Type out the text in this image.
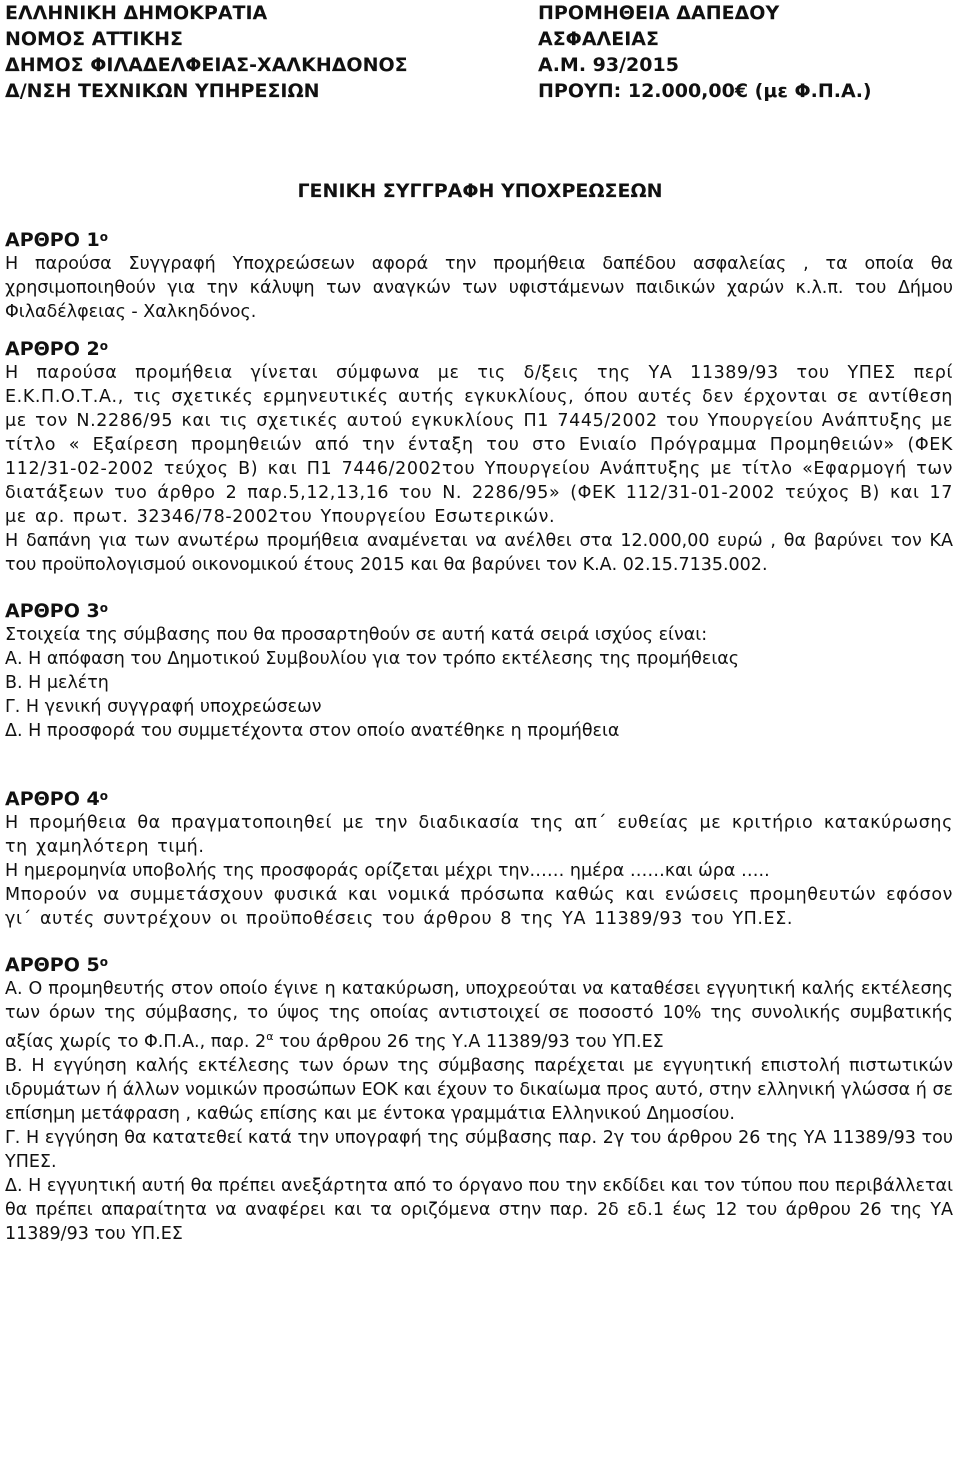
ΕΛΛΗΝΙΚΗ ΔΗΜΟΚΡΑΤΙΑ
ΝΟΜΟΣ ΑΤΤΙΚΗΣ
ΔΗΜΟΣ ΦΙΛΑΔΕΛΦΕΙΑΣ-ΧΑΛΚΗΔΟΝΟΣ
Δ/ΝΣΗ ΤΕΧΝΙΚΩΝ ΥΠΗΡΕΣΙΩΝ
ΠΡΟΜΗΘΕΙΑ ΔΑΠΕΔΟΥ
ΑΣΦΑΛΕΙΑΣ
Α.Μ. 93/2015
ΠΡΟΥΠ: 12.000,00€ (με Φ.Π.Α.)
ΓΕΝΙΚΗ ΣΥΓΓΡΑΦΗ ΥΠΟΧΡΕΩΣΕΩΝ
ΑΡΘΡΟ $1^o$

Η παρούσα Συγγραφή Υποχρεώσεων αφορά την προμήθεια δαπέδου ασφαλείας , τα οποία θα χρησιμοποιηθούν για την κάλυψη των αναγκών των υφιστάμενων παιδικών χαρών κ.λ.π. του Δήμου Φιλαδέλφειας - Χαλκηδόνος.

ΑΡΘΡΟ $2^o$

Η παρούσα προμήθεια γίνεται σύμφωνα με τις δ/ξεις της ΥΑ 11389/93 του ΥΠΕΣ περί Ε.Κ.Π.Ο.Τ.Α., τις σχετικές ερμηνευτικές αυτής εγκυκλίους, όπου αυτές δεν έρχονται σε αντίθεση με τον Ν.2286/95 και τις σχετικές αυτού εγκυκλίους Π1 7445/2002 του Υπουργείου Ανάπτυξης με τίτλο « Εξαίρεση προμηθειών από την ένταξη του στο Ενιαίο Πρόγραμμα Προμηθειών» (ΦΕΚ 112/31-02-2002 τεύχος Β) και Π1 7446/2002του Υπουργείου Ανάπτυξης με τίτλο «Εφαρμογή των διατάξεων τυο άρθρο 2 παρ.5,12,13,16 του Ν. 2286/95» (ΦΕΚ 112/31-01-2002 τεύχος Β) και 17 με αρ. πρωτ. 32346/78-2002του Υπουργείου Εσωτερικών.

Η δαπάνη για των ανωτέρω προμήθεια αναμένεται να ανέλθει στα 12.000,00 ευρώ , θα βαρύνει τον ΚΑ του προϋπολογισμού οικονομικού έτους 2015 και θα βαρύνει τον Κ.Α. 02.15.7135.002.

ΑΡΘΡΟ $3^o$

Στοιχεία της σύμβασης που θα προσαρτηθούν σε αυτή κατά σειρά ισχύος είναι:

Α. Η απόφαση του Δημοτικού Συμβουλίου για τον τρόπο εκτέλεσης της προμήθειας

Β. Η μελέτη

Γ. Η γενική συγγραφή υποχρεώσεων

Δ. Η προσφορά του συμμετέχοντα στον οποίο ανατέθηκε η προμήθεια

ΑΡΘΡΟ $4^o$

Η προμήθεια θα πραγματοποιηθεί με την διαδικασία της απ΄ ευθείας με κριτήριο κατακύρωσης τη χαμηλότερη τιμή.

Η ημερομηνία υποβολής της προσφοράς ορίζεται μέχρι την…… ημέρα ……και ώρα …..

Μπορούν να συμμετάσχουν φυσικά και νομικά πρόσωπα καθώς και ενώσεις προμηθευτών εφόσον γι΄ αυτές συντρέχουν οι προϋποθέσεις του άρθρου 8 της ΥΑ 11389/93 του ΥΠ.ΕΣ.

ΑΡΘΡΟ $5^o$

Α. Ο προμηθευτής στον οποίο έγινε η κατακύρωση, υποχρεούται να καταθέσει εγγυητική καλής εκτέλεσης των όρων της σύμβασης, το ύψος της οποίας αντιστοιχεί σε ποσοστό 10% της συνολικής συμβατικής αξίας χωρίς το Φ.Π.Α., παρ. $2^\alpha$ του άρθρου 26 της Υ.Α 11389/93 του ΥΠ.ΕΣ

Β. Η εγγύηση καλής εκτέλεσης των όρων της σύμβασης παρέχεται με εγγυητική επιστολή πιστωτικών ιδρυμάτων ή άλλων νομικών προσώπων ΕΟΚ και έχουν το δικαίωμα προς αυτό, στην ελληνική γλώσσα ή σε επίσημη μετάφραση , καθώς επίσης και με έντοκα γραμμάτια Ελληνικού Δημοσίου.

Γ. Η εγγύηση θα κατατεθεί κατά την υπογραφή της σύμβασης παρ. 2γ του άρθρου 26 της ΥΑ 11389/93 του ΥΠΕΣ.

Δ. Η εγγυητική αυτή θα πρέπει ανεξάρτητα από το όργανο που την εκδίδει και τον τύπου που περιβάλλεται θα πρέπει απαραίτητα να αναφέρει και τα οριζόμενα στην παρ. 2δ εδ.1 έως 12 του άρθρου 26 της ΥΑ 11389/93 του ΥΠ.ΕΣ
